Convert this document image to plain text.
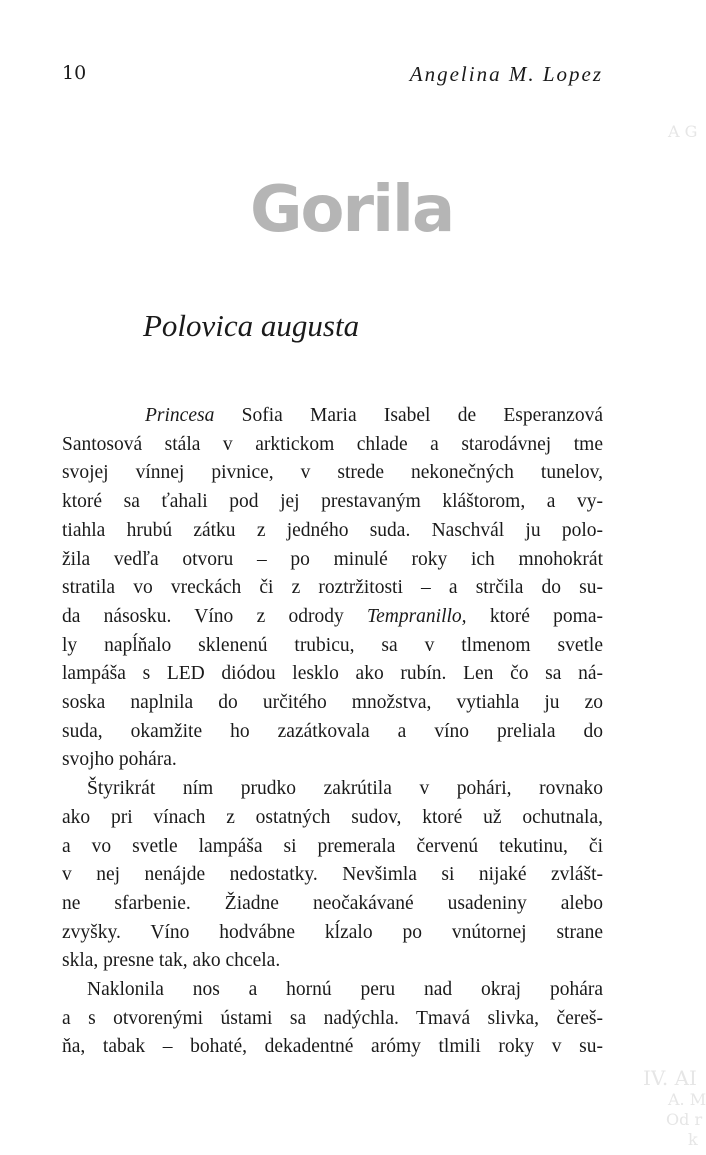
10	Angelina M. Lopez
Gorila
Polovica augusta
Princesa Sofia Maria Isabel de Esperanzová
Santosová stála v arktickom chlade a starodávnej tme
svojej vínnej pivnice, v strede nekonečných tunelov,
ktoré sa ťahali pod jej prestavaným kláštorom, a vy-
tiahla hrubú zátku z jedného suda. Naschvál ju polo-
žila vedľa otvoru – po minulé roky ich mnohokrát
stratila vo vreckách či z roztržitosti – a strčila do su-
da násosku. Víno z odrody Tempranillo, ktoré poma-
ly napĺňalo sklenenú trubicu, sa v tlmenom svetle
lampáša s LED diódou lesklo ako rubín. Len čo sa ná-
soska naplnila do určitého množstva, vytiahla ju zo
suda, okamžite ho zazátkovala a víno preliala do
svojho pohára.
Štyrikrát ním prudko zakrútila v pohári, rovnako
ako pri vínach z ostatných sudov, ktoré už ochutnala,
a vo svetle lampáša si premerala červenú tekutinu, či
v nej nenájde nedostatky. Nevšimla si nijaké zvlášt-
ne sfarbenie. Žiadne neočakávané usadeniny alebo
zvyšky. Víno hodvábne kĺzalo po vnútornej strane
skla, presne tak, ako chcela.
Naklonila nos a hornú peru nad okraj pohára
a s otvorenými ústami sa nadýchla. Tmavá slivka, čereš-
ňa, tabak – bohaté, dekadentné arómy tlmili roky v su-
A G
IV. AI
A. M
Od r
k
